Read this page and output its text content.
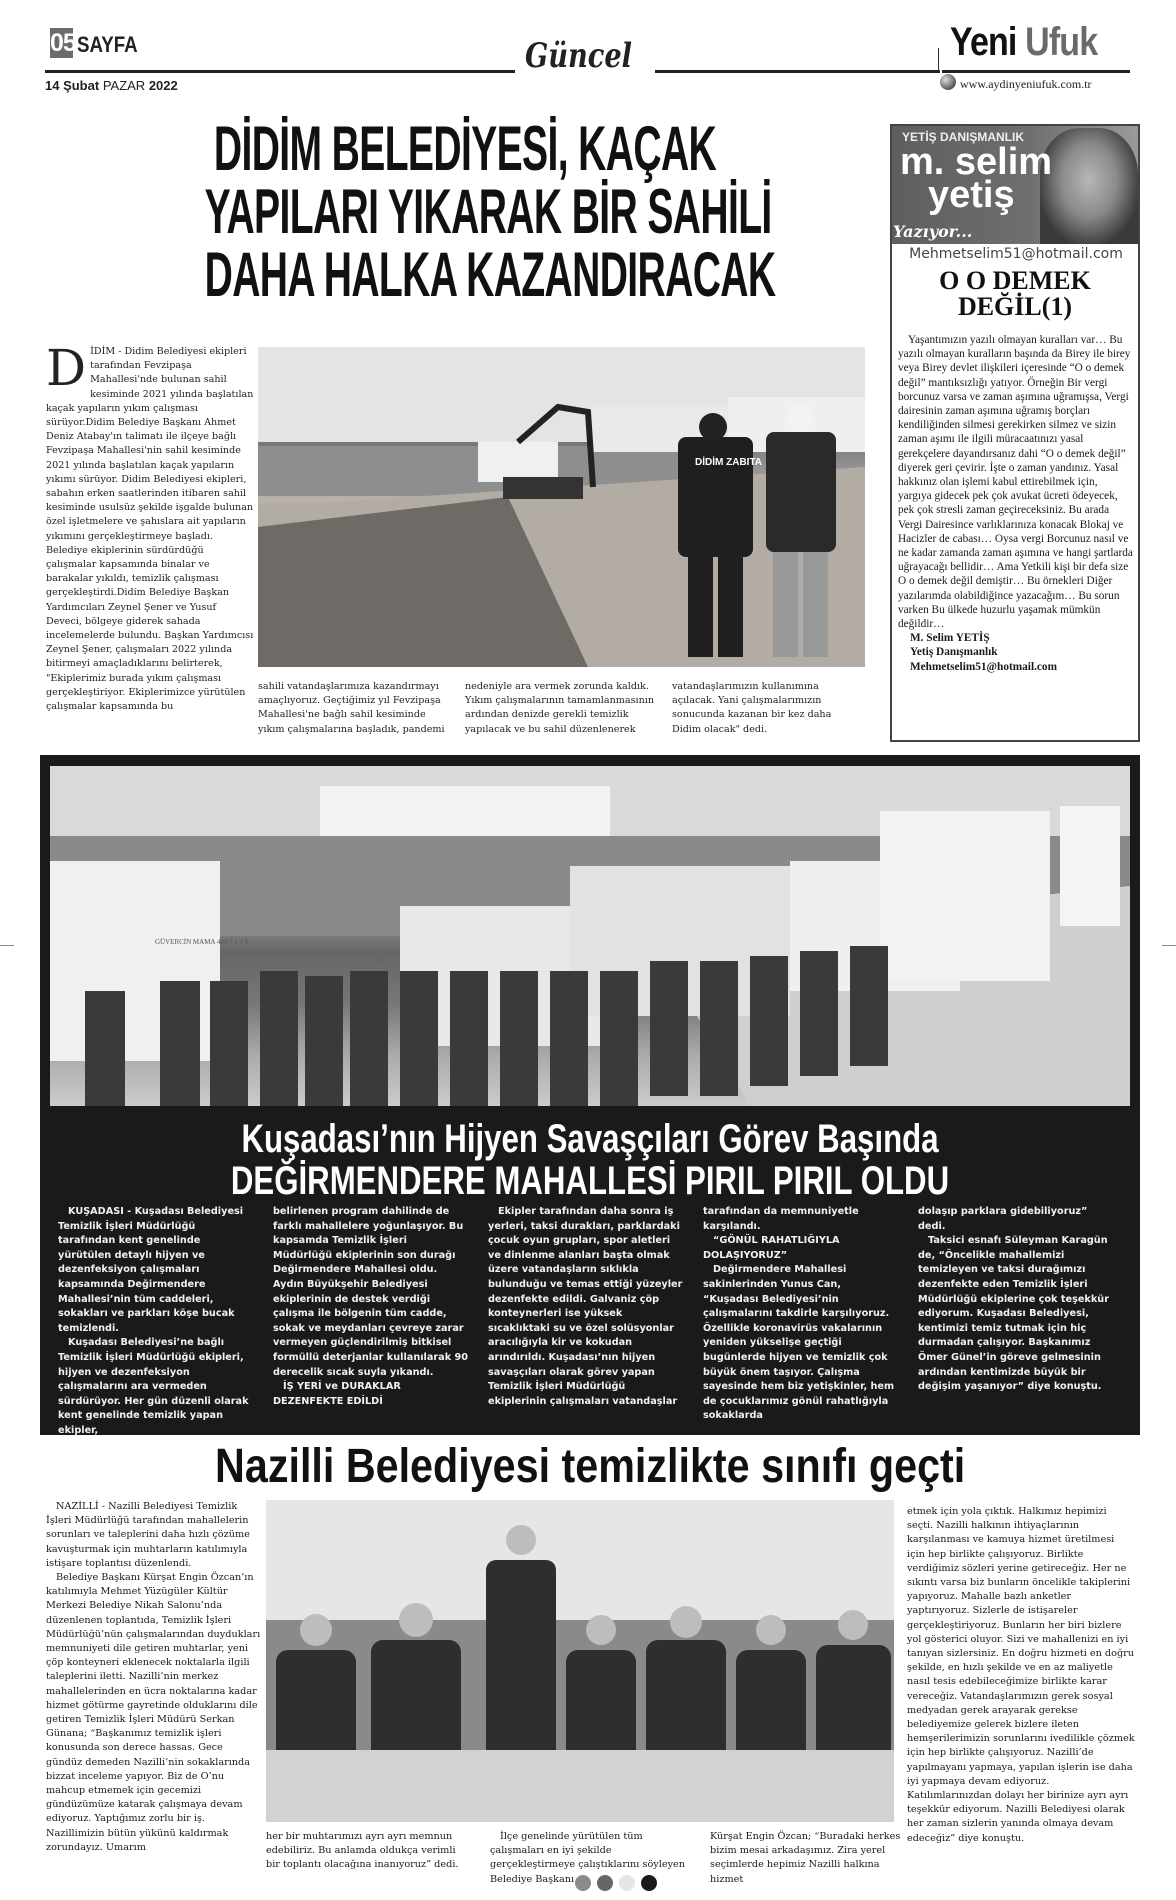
05 SAYFA
14 Şubat PAZAR 2022
Güncel	Yeni Ufuk
www.aydinyeniufuk.com.tr
DİDİM BELEDİYESİ, KAÇAK
YAPILARI YIKARAK BİR SAHİLİ
DAHA HALKA KAZANDIRACAK
DİDİM - Didim Belediyesi ekipleri tarafından Fevzipaşa Mahallesi'nde bulunan sahil kesiminde 2021 yılında başlatılan kaçak yapıların yıkım çalışması sürüyor.Didim Belediye Başkanı Ahmet Deniz Atabay'ın talimatı ile ilçeye bağlı Fevzipaşa Mahallesi'nin sahil kesiminde 2021 yılında başlatılan kaçak yapıların yıkımı sürüyor. Didim Belediyesi ekipleri, sabahın erken saatlerinden itibaren sahil kesiminde usulsüz şekilde işgalde bulunan özel işletmelere ve şahıslara ait yapıların yıkımını gerçekleştirmeye başladı. Belediye ekiplerinin sürdürdüğü çalışmalar kapsamında binalar ve barakalar yıkıldı, temizlik çalışması gerçekleştirdi.Didim Belediye Başkan Yardımcıları Zeynel Şener ve Yusuf Deveci, bölgeye giderek sahada incelemelerde bulundu. Başkan Yardımcısı Zeynel Şener, çalışmaları 2022 yılında bitirmeyi amaçladıklarını belirterek, "Ekiplerimiz burada yıkım çalışması gerçekleştiriyor. Ekiplerimizce yürütülen çalışmalar kapsamında bu
DİDİM ZABITA
sahili vatandaşlarımıza kazandırmayı amaçlıyoruz. Geçtiğimiz yıl Fevzipaşa Mahallesi'ne bağlı sahil kesiminde yıkım çalışmalarına başladık, pandemi
nedeniyle ara vermek zorunda kaldık. Yıkım çalışmalarının tamamlanmasının ardından denizde gerekli temizlik yapılacak ve bu sahil düzenlenerek
vatandaşlarımızın kullanımına açılacak. Yani çalışmalarımızın sonucunda kazanan bir kez daha Didim olacak" dedi.
YETİŞ DANIŞMANLIK
m. selim
yetiş
Yazıyor...
Mehmetselim51@hotmail.com
O O DEMEK
DEĞİL(1)
Yaşantımızın yazılı olmayan kuralları var… Bu yazılı olmayan kuralların başında da Birey ile birey veya Birey devlet ilişkileri içeresinde “O o demek değil” mantıksızlığı yatıyor. Örneğin Bir vergi borcunuz varsa ve zaman aşımına uğramışsa, Vergi dairesinin zaman aşımına uğramış borçları kendiliğinden silmesi gerekirken silmez ve sizin zaman aşımı ile ilgili müracaatınızı yasal gerekçelere dayandırsanız dahi “O o demek değil” diyerek geri çevirir. İşte o zaman yandınız. Yasal hakkınız olan işlemi kabul ettirebilmek için, yargıya gidecek pek çok avukat ücreti ödeyecek, pek çok stresli zaman geçireceksiniz. Bu arada Vergi Dairesince varlıklarınıza konacak Blokaj ve Hacizler de cabası… Oysa vergi Borcunuz nasıl ve ne kadar zamanda zaman aşımına ve hangi şartlarda uğrayacağı bellidir… Ama Yetkili kişi bir defa size O o demek değil demiştir… Bu örnekleri Diğer yazılarımda olabildiğince yazacağım… Bu sorun varken Bu ülkede huzurlu yaşamak mümkün değildir…
M. Selim YETİŞ
Yetiş Danışmanlık
Mehmetselim51@hotmail.com
GÜVERCİN MAMA 444 7 1 1 6
Kuşadası’nın Hijyen Savaşçıları Görev Başında
DEĞİRMENDERE MAHALLESİ PIRIL PIRIL OLDU
KUŞADASI - Kuşadası Belediyesi Temizlik İşleri Müdürlüğü tarafından kent genelinde yürütülen detaylı hijyen ve dezenfeksiyon çalışmaları kapsamında Değirmendere Mahallesi’nin tüm caddeleri, sokakları ve parkları köşe bucak temizlendi.
Kuşadası Belediyesi’ne bağlı Temizlik İşleri Müdürlüğü ekipleri, hijyen ve dezenfeksiyon çalışmalarını ara vermeden sürdürüyor. Her gün düzenli olarak kent genelinde temizlik yapan ekipler,
belirlenen program dahilinde de farklı mahallelere yoğunlaşıyor. Bu kapsamda Temizlik İşleri Müdürlüğü ekiplerinin son durağı Değirmendere Mahallesi oldu. Aydın Büyükşehir Belediyesi ekiplerinin de destek verdiği çalışma ile bölgenin tüm cadde, sokak ve meydanları çevreye zarar vermeyen güçlendirilmiş bitkisel formüllü deterjanlar kullanılarak 90 derecelik sıcak suyla yıkandı.
İŞ YERİ ve DURAKLAR DEZENFEKTE EDİLDİ
Ekipler tarafından daha sonra iş yerleri, taksi durakları, parklardaki çocuk oyun grupları, spor aletleri ve dinlenme alanları başta olmak üzere vatandaşların sıklıkla bulunduğu ve temas ettiği yüzeyler dezenfekte edildi. Galvaniz çöp konteynerleri ise yüksek sıcaklıktaki su ve özel solüsyonlar aracılığıyla kir ve kokudan arındırıldı. Kuşadası’nın hijyen savaşçıları olarak görev yapan Temizlik İşleri Müdürlüğü ekiplerinin çalışmaları vatandaşlar
tarafından da memnuniyetle karşılandı.
“GÖNÜL RAHATLIĞIYLA DOLAŞIYORUZ”
Değirmendere Mahallesi sakinlerinden Yunus Can, “Kuşadası Belediyesi’nin çalışmalarını takdirle karşılıyoruz. Özellikle koronavirüs vakalarının yeniden yükselişe geçtiği bugünlerde hijyen ve temizlik çok büyük önem taşıyor. Çalışma sayesinde hem biz yetişkinler, hem de çocuklarımız gönül rahatlığıyla sokaklarda
dolaşıp parklara gidebiliyoruz” dedi.
Taksici esnafı Süleyman Karagün de, “Öncelikle mahallemizi temizleyen ve taksi durağımızı dezenfekte eden Temizlik İşleri Müdürlüğü ekiplerine çok teşekkür ediyorum. Kuşadası Belediyesi, kentimizi temiz tutmak için hiç durmadan çalışıyor. Başkanımız Ömer Günel’in göreve gelmesinin ardından kentimizde büyük bir değişim yaşanıyor” diye konuştu.
Nazilli Belediyesi temizlikte sınıfı geçti
NAZİLLİ - Nazilli Belediyesi Temizlik İşleri Müdürlüğü tarafından mahallelerin sorunları ve taleplerini daha hızlı çözüme kavuşturmak için muhtarların katılımıyla istişare toplantısı düzenlendi.
Belediye Başkanı Kürşat Engin Özcan’ın katılımıyla Mehmet Yüzügüler Kültür Merkezi Belediye Nikah Salonu’nda düzenlenen toplantıda, Temizlik İşleri Müdürlüğü’nün çalışmalarından duydukları memnuniyeti dile getiren muhtarlar, yeni çöp konteyneri eklenecek noktalarla ilgili taleplerini iletti. Nazilli’nin merkez mahallelerinden en ücra noktalarına kadar hizmet götürme gayretinde olduklarını dile getiren Temizlik İşleri Müdürü Serkan Günana; “Başkanımız temizlik işleri konusunda son derece hassas. Gece gündüz demeden Nazilli’nin sokaklarında bizzat inceleme yapıyor. Biz de O’nu mahcup etmemek için gecemizi gündüzümüze katarak çalışmaya devam ediyoruz. Yaptığımız zorlu bir iş. Nazillimizin bütün yükünü kaldırmak zorundayız. Umarım
etmek için yola çıktık. Halkımız hepimizi seçti. Nazilli halkının ihtiyaçlarının karşılanması ve kamuya hizmet üretilmesi için hep birlikte çalışıyoruz. Birlikte verdiğimiz sözleri yerine getireceğiz. Her ne sıkıntı varsa biz bunların öncelikle takiplerini yapıyoruz. Mahalle bazlı anketler yaptırıyoruz. Sizlerle de istişareler gerçekleştiriyoruz. Bunların her biri bizlere yol gösterici oluyor. Sizi ve mahallenizi en iyi tanıyan sizlersiniz. En doğru hizmeti en doğru şekilde, en hızlı şekilde ve en az maliyetle nasıl tesis edebileceğimize birlikte karar vereceğiz. Vatandaşlarımızın gerek sosyal medyadan gerek arayarak gerekse belediyemize gelerek bizlere ileten hemşerilerimizin sorunlarını ivedilikle çözmek için hep birlikte çalışıyoruz. Nazilli’de yapılmayanı yapmaya, yapılan işlerin ise daha iyi yapmaya devam ediyoruz. Katılımlarınızdan dolayı her birinize ayrı ayrı teşekkür ediyorum. Nazilli Belediyesi olarak her zaman sizlerin yanında olmaya devam edeceğiz” diye konuştu.
her bir muhtarımızı ayrı ayrı memnun edebiliriz. Bu anlamda oldukça verimli bir toplantı olacağına inanıyoruz” dedi.
İlçe genelinde yürütülen tüm çalışmaları en iyi şekilde gerçekleştirmeye çalıştıklarını söyleyen Belediye Başkanı
Kürşat Engin Özcan; “Buradaki herkes bizim mesai arkadaşımız. Zira yerel seçimlerde hepimiz Nazilli halkına hizmet
